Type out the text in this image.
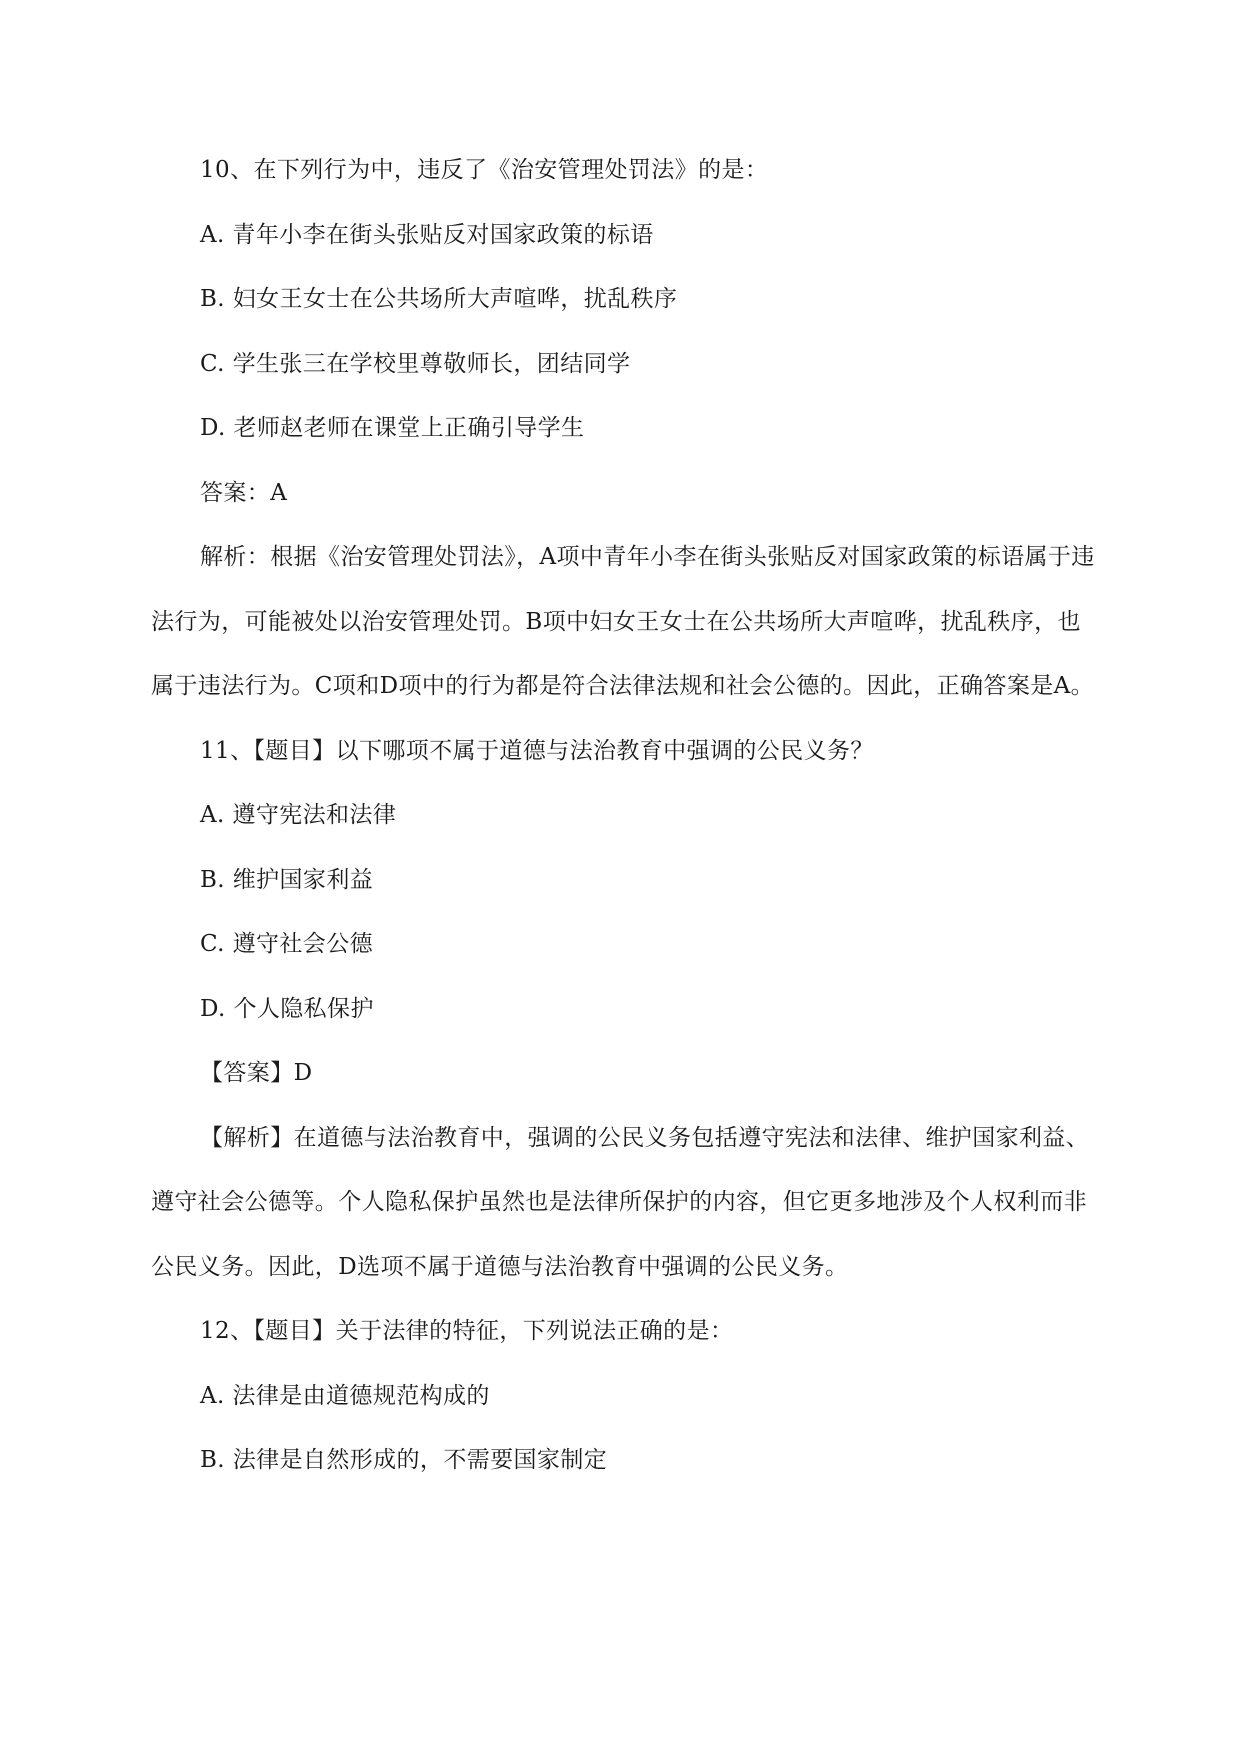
10、在下列行为中，违反了《治安管理处罚法》的是：

A. 青年小李在街头张贴反对国家政策的标语

B. 妇女王女士在公共场所大声喧哗，扰乱秩序

C. 学生张三在学校里尊敬师长，团结同学

D. 老师赵老师在课堂上正确引导学生

答案：A

解析：根据《治安管理处罚法》，A项中青年小李在街头张贴反对国家政策的标语属于违法行为，可能被处以治安管理处罚。B项中妇女王女士在公共场所大声喧哗，扰乱秩序，也属于违法行为。C项和D项中的行为都是符合法律法规和社会公德的。因此，正确答案是A。

11、【题目】以下哪项不属于道德与法治教育中强调的公民义务？

A. 遵守宪法和法律

B. 维护国家利益

C. 遵守社会公德

D. 个人隐私保护

【答案】D

【解析】在道德与法治教育中，强调的公民义务包括遵守宪法和法律、维护国家利益、遵守社会公德等。个人隐私保护虽然也是法律所保护的内容，但它更多地涉及个人权利而非公民义务。因此，D选项不属于道德与法治教育中强调的公民义务。

12、【题目】关于法律的特征，下列说法正确的是：

A. 法律是由道德规范构成的

B. 法律是自然形成的，不需要国家制定
